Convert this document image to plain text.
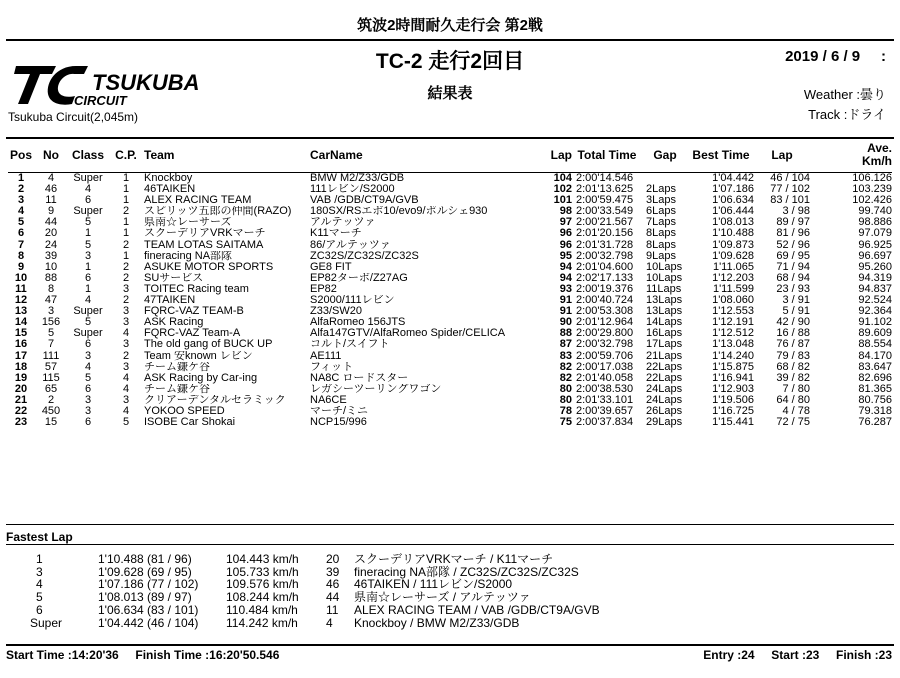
筑波2時間耐久走行会 第2戦
TC-2 走行2回目
結果表
2019 / 6 / 9     :
Weather :曇り
Track :ドライ
TSUKUBA
CIRCUIT
Tsukuba Circuit(2,045m)
Pos	No	Class	C.P.	Team	CarName	Lap	Total Time	Gap	Best Time	Lap	Ave.
Km/h
1	4	Super	1	Knockboy	BMW M2/Z33/GDB	104	2:00'14.546		1'04.442	46 / 104	106.126
2	46	4	1	46TAIKEN	111レビン/S2000	102	2:01'13.625	2Laps	1'07.186	77 / 102	103.239
3	11	6	1	ALEX RACING TEAM	VAB /GDB/CT9A/GVB	101	2:00'59.475	3Laps	1'06.634	83 / 101	102.426
4	9	Super	2	スピリッツ五郎の仲間(RAZO)	180SX/RSエボ10/evo9/ポルシェ930	98	2:00'33.549	6Laps	1'06.444	3 / 98	99.740
5	44	5	1	県南☆レーサーズ	アルテッツァ	97	2:00'21.567	7Laps	1'08.013	89 / 97	98.886
6	20	1	1	スクーデリアVRKマーチ	K11マーチ	96	2:01'20.156	8Laps	1'10.488	81 / 96	97.079
7	24	5	2	TEAM LOTAS SAITAMA	86/アルテッツァ	96	2:01'31.728	8Laps	1'09.873	52 / 96	96.925
8	39	3	1	fineracing NA部隊	ZC32S/ZC32S/ZC32S	95	2:00'32.798	9Laps	1'09.628	69 / 95	96.697
9	10	1	2	ASUKE MOTOR SPORTS	GE8 FIT	94	2:01'04.600	10Laps	1'11.065	71 / 94	95.260
10	88	6	2	SUサービス	EP82ターボ/Z27AG	94	2:02'17.133	10Laps	1'12.203	68 / 94	94.319
11	8	1	3	TOITEC Racing team	EP82	93	2:00'19.376	11Laps	1'11.599	23 / 93	94.837
12	47	4	2	47TAIKEN	S2000/111レビン	91	2:00'40.724	13Laps	1'08.060	3 / 91	92.524
13	3	Super	3	FQRC-VAZ TEAM-B	Z33/SW20	91	2:00'53.308	13Laps	1'12.553	5 / 91	92.364
14	156	5	3	ASK Racing	AlfaRomeo 156JTS	90	2:01'12.964	14Laps	1'12.191	42 / 90	91.102
15	5	Super	4	FQRC-VAZ Team-A	Alfa147GTV/AlfaRomeo Spider/CELICA	88	2:00'29.800	16Laps	1'12.512	16 / 88	89.609
16	7	6	3	The old gang of BUCK UP	コルト/スイフト	87	2:00'32.798	17Laps	1'13.048	76 / 87	88.554
17	111	3	2	Team 安known レビン	AE111	83	2:00'59.706	21Laps	1'14.240	79 / 83	84.170
18	57	4	3	チーム鎌ケ谷	フィット	82	2:00'17.038	22Laps	1'15.875	68 / 82	83.647
19	115	5	4	ASK Racing by Car-ing	NA8C ロードスター	82	2:01'40.058	22Laps	1'16.941	39 / 82	82.696
20	65	6	4	チーム鎌ケ谷	レガシーツーリングワゴン	80	2:00'38.530	24Laps	1'12.903	7 / 80	81.365
21	2	3	3	クリアーデンタルセラミック	NA6CE	80	2:01'33.101	24Laps	1'19.506	64 / 80	80.756
22	450	3	4	YOKOO SPEED	マーチ/ミニ	78	2:00'39.657	26Laps	1'16.725	4 / 78	79.318
23	15	6	5	ISOBE Car Shokai	NCP15/996	75	2:00'37.834	29Laps	1'15.441	72 / 75	76.287
Fastest Lap
1	1'10.488 (81 / 96)	104.443 km/h	20	スクーデリアVRKマーチ / K11マーチ
3	1'09.628 (69 / 95)	105.733 km/h	39	fineracing NA部隊 / ZC32S/ZC32S/ZC32S
4	1'07.186 (77 / 102)	109.576 km/h	46	46TAIKEN / 111レビン/S2000
5	1'08.013 (89 / 97)	108.244 km/h	44	県南☆レーサーズ / アルテッツァ
6	1'06.634 (83 / 101)	110.484 km/h	11	ALEX RACING TEAM / VAB /GDB/CT9A/GVB
Super	1'04.442 (46 / 104)	114.242 km/h	4	Knockboy / BMW M2/Z33/GDB
Start Time :14:20'36 Finish Time :16:20'50.546	Entry :24 Start :23 Finish :23
